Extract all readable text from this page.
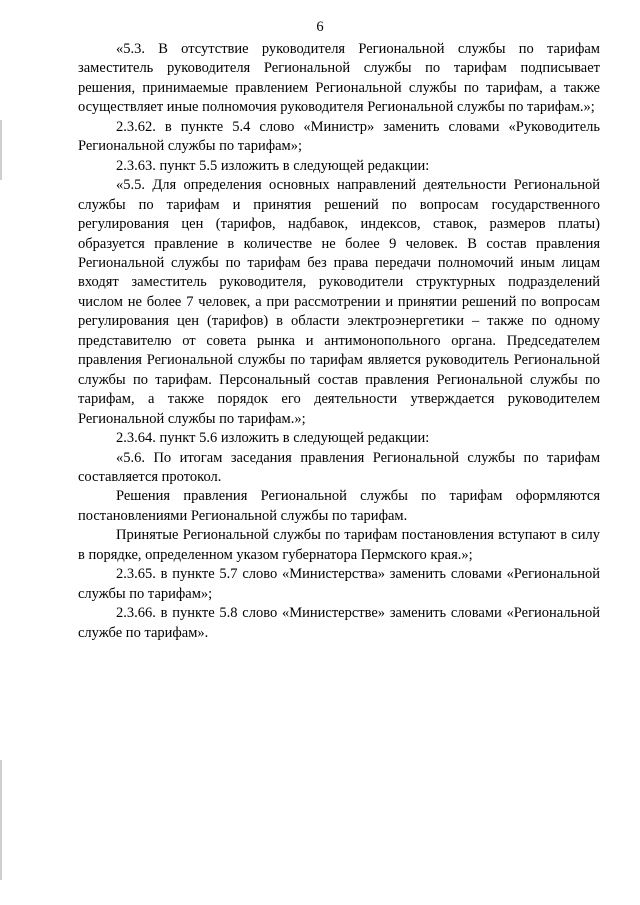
6

«5.3. В отсутствие руководителя Региональной службы по тарифам заместитель руководителя Региональной службы по тарифам подписывает решения, принимаемые правлением Региональной службы по тарифам, а также осуществляет иные полномочия руководителя Региональной службы по тарифам.»;

2.3.62. в пункте 5.4 слово «Министр» заменить словами «Руководитель Региональной службы по тарифам»;

2.3.63. пункт 5.5 изложить в следующей редакции:

«5.5. Для определения основных направлений деятельности Региональной службы по тарифам и принятия решений по вопросам государственного регулирования цен (тарифов, надбавок, индексов, ставок, размеров платы) образуется правление в количестве не более 9 человек. В состав правления Региональной службы по тарифам без права передачи полномочий иным лицам входят заместитель руководителя, руководители структурных подразделений числом не более 7 человек, а при рассмотрении и принятии решений по вопросам регулирования цен (тарифов) в области электроэнергетики – также по одному представителю от совета рынка и антимонопольного органа. Председателем правления Региональной службы по тарифам является руководитель Региональной службы по тарифам. Персональный состав правления Региональной службы по тарифам, а также порядок его деятельности утверждается руководителем Региональной службы по тарифам.»;

2.3.64. пункт 5.6 изложить в следующей редакции:

«5.6. По итогам заседания правления Региональной службы по тарифам составляется протокол.

Решения правления Региональной службы по тарифам оформляются постановлениями Региональной службы по тарифам.

Принятые Региональной службы по тарифам постановления вступают в силу в порядке, определенном указом губернатора Пермского края.»;

2.3.65. в пункте 5.7 слово «Министерства» заменить словами «Региональной службы по тарифам»;

2.3.66. в пункте 5.8 слово «Министерстве» заменить словами «Региональной службе по тарифам».
